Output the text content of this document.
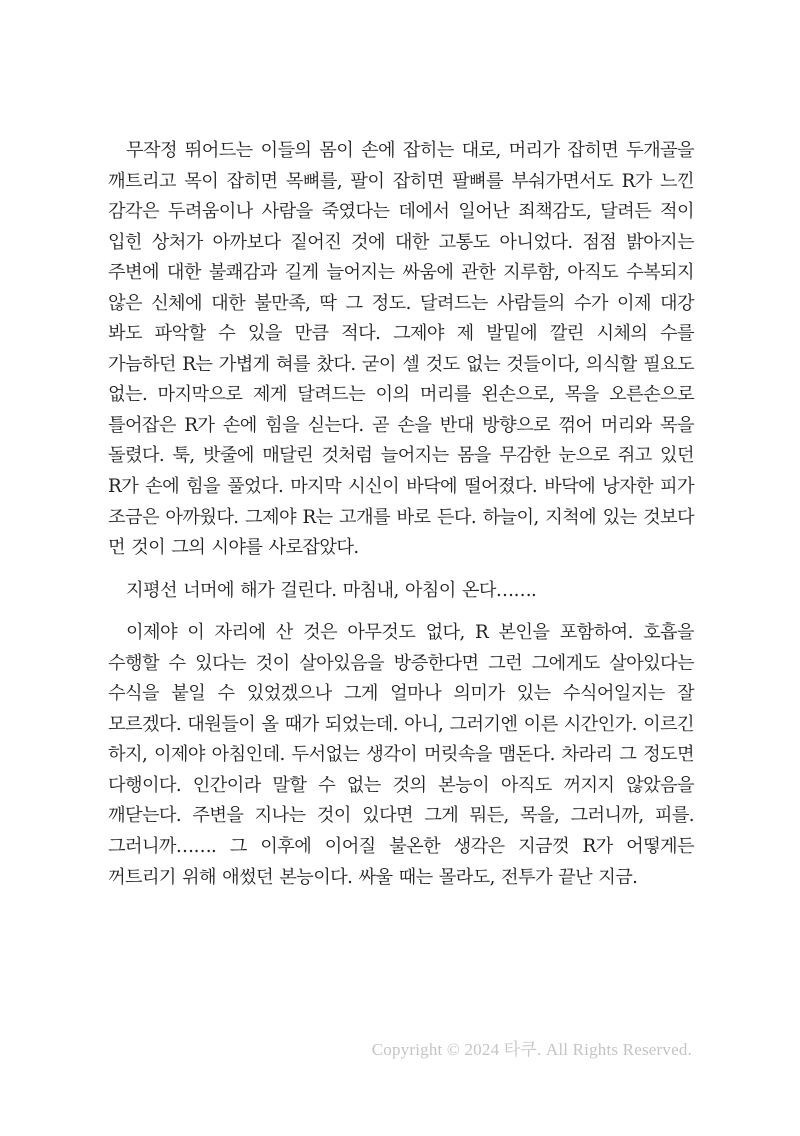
무작정 뛰어드는 이들의 몸이 손에 잡히는 대로, 머리가 잡히면 두개골을 깨트리고 목이 잡히면 목뼈를, 팔이 잡히면 팔뼈를 부숴가면서도 R가 느낀 감각은 두려움이나 사람을 죽였다는 데에서 일어난 죄책감도, 달려든 적이 입힌 상처가 아까보다 짙어진 것에 대한 고통도 아니었다. 점점 밝아지는 주변에 대한 불쾌감과 길게 늘어지는 싸움에 관한 지루함, 아직도 수복되지 않은 신체에 대한 불만족, 딱 그 정도. 달려드는 사람들의 수가 이제 대강 봐도 파악할 수 있을 만큼 적다. 그제야 제 발밑에 깔린 시체의 수를 가늠하던 R는 가볍게 혀를 찼다. 굳이 셀 것도 없는 것들이다, 의식할 필요도 없는. 마지막으로 제게 달려드는 이의 머리를 왼손으로, 목을 오른손으로 틀어잡은 R가 손에 힘을 싣는다. 곧 손을 반대 방향으로 꺾어 머리와 목을 돌렸다. 툭, 밧줄에 매달린 것처럼 늘어지는 몸을 무감한 눈으로 쥐고 있던 R가 손에 힘을 풀었다. 마지막 시신이 바닥에 떨어졌다. 바닥에 낭자한 피가 조금은 아까웠다. 그제야 R는 고개를 바로 든다. 하늘이, 지척에 있는 것보다 먼 것이 그의 시야를 사로잡았다.

지평선 너머에 해가 걸린다. 마침내, 아침이 온다…….

이제야 이 자리에 산 것은 아무것도 없다, R 본인을 포함하여. 호흡을 수행할 수 있다는 것이 살아있음을 방증한다면 그런 그에게도 살아있다는 수식을 붙일 수 있었겠으나 그게 얼마나 의미가 있는 수식어일지는 잘 모르겠다. 대원들이 올 때가 되었는데. 아니, 그러기엔 이른 시간인가. 이르긴 하지, 이제야 아침인데. 두서없는 생각이 머릿속을 맴돈다. 차라리 그 정도면 다행이다. 인간이라 말할 수 없는 것의 본능이 아직도 꺼지지 않았음을 깨닫는다. 주변을 지나는 것이 있다면 그게 뭐든, 목을, 그러니까, 피를. 그러니까……. 그 이후에 이어질 불온한 생각은 지금껏 R가 어떻게든 꺼트리기 위해 애썼던 본능이다. 싸울 때는 몰라도, 전투가 끝난 지금.

Copyright © 2024 타쿠. All Rights Reserved.
